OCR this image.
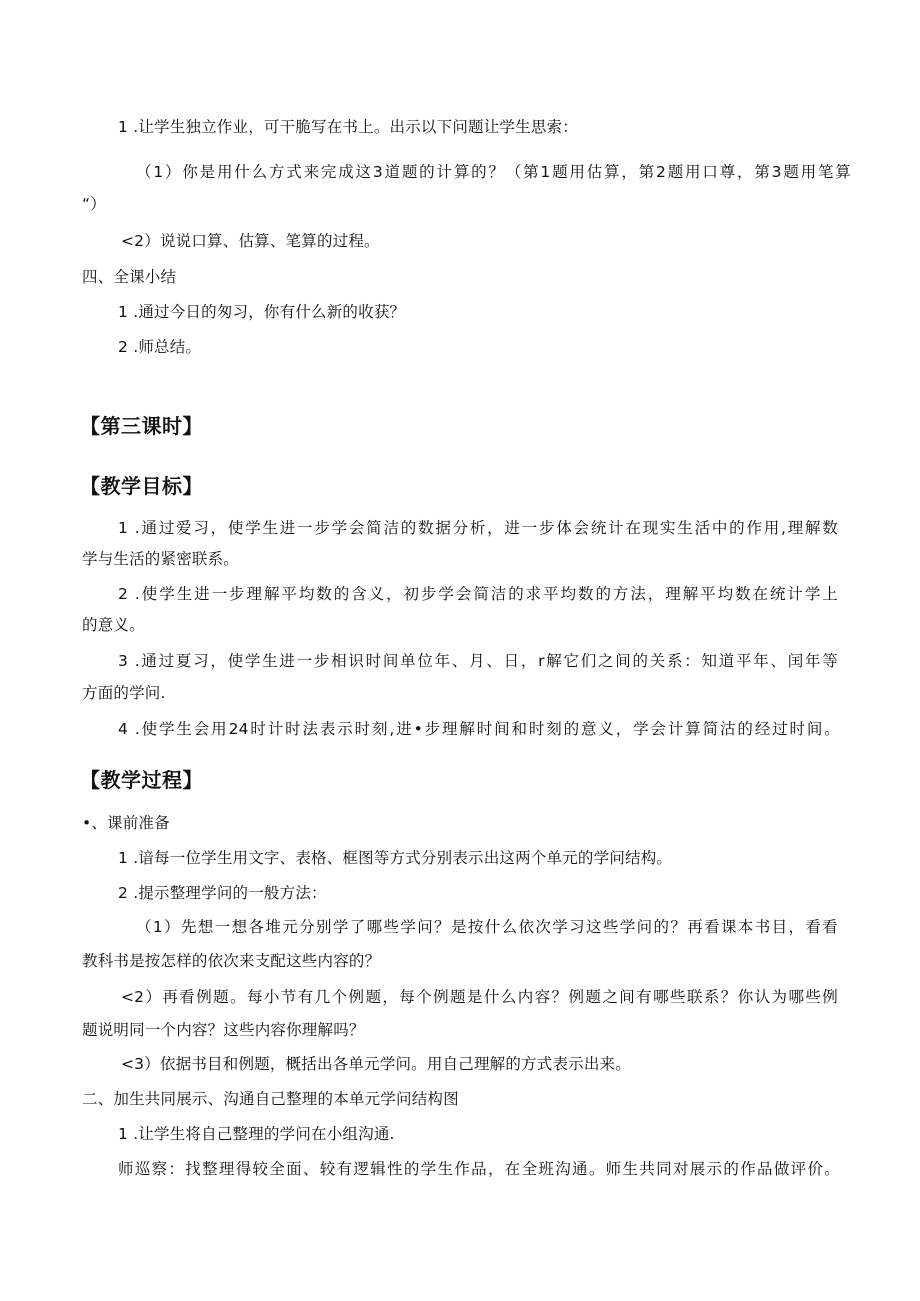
1 .让学生独立作业，可干脆写在书上。出示以下问题让学生思索：
（1）你是用什么方式来完成这3道题的计算的？（第1题用估算，第2题用口尊，第3题用笔算
“）
<2）说说口算、估算、笔算的过程。
四、全课小结
1 .通过今日的匆习，你有什么新的收获？
2 .师总结。
【第三课时】
【教学目标】
1 .通过爱习，使学生进一步学会简洁的数据分析，进一步体会统计在现实生活中的作用,理解数
学与生活的紧密联系。
2 .使学生进一步理解平均数的含义，初步学会简洁的求平均数的方法，理解平均数在统计学上
的意义。
3 .通过夏习，使学生进一步相识时间单位年、月、日，r解它们之间的关系：知道平年、闰年等
方面的学问.
4 .使学生会用24时计时法表示时刻,进•步理解时间和时刻的意义，学会计算简沽的经过时间。
【教学过程】
•、课前准备
1 .谙每一位学生用文字、表格、框图等方式分别表示出这两个单元的学问结构。
2 .提示整理学问的一般方法：
（1）先想一想各堆元分别学了哪些学问？是按什么依次学习这些学问的？再看课本书目，看看
教科书是按怎样的依次来支配这些内容的？
<2）再看例题。每小节有几个例题，每个例题是什么内容？例题之间有哪些联系？你认为哪些例
题说明同一个内容？这些内容你理解吗？
<3）依据书目和例题，概括出各单元学问。用自己理解的方式表示出来。
二、加生共同展示、沟通自己整理的本单元学问结构图
1 .让学生将自己整理的学问在小组沟通.
师巡察：找整理得较全面、较有逻辑性的学生作品，在全班沟通。师生共同对展示的作品做评价。
